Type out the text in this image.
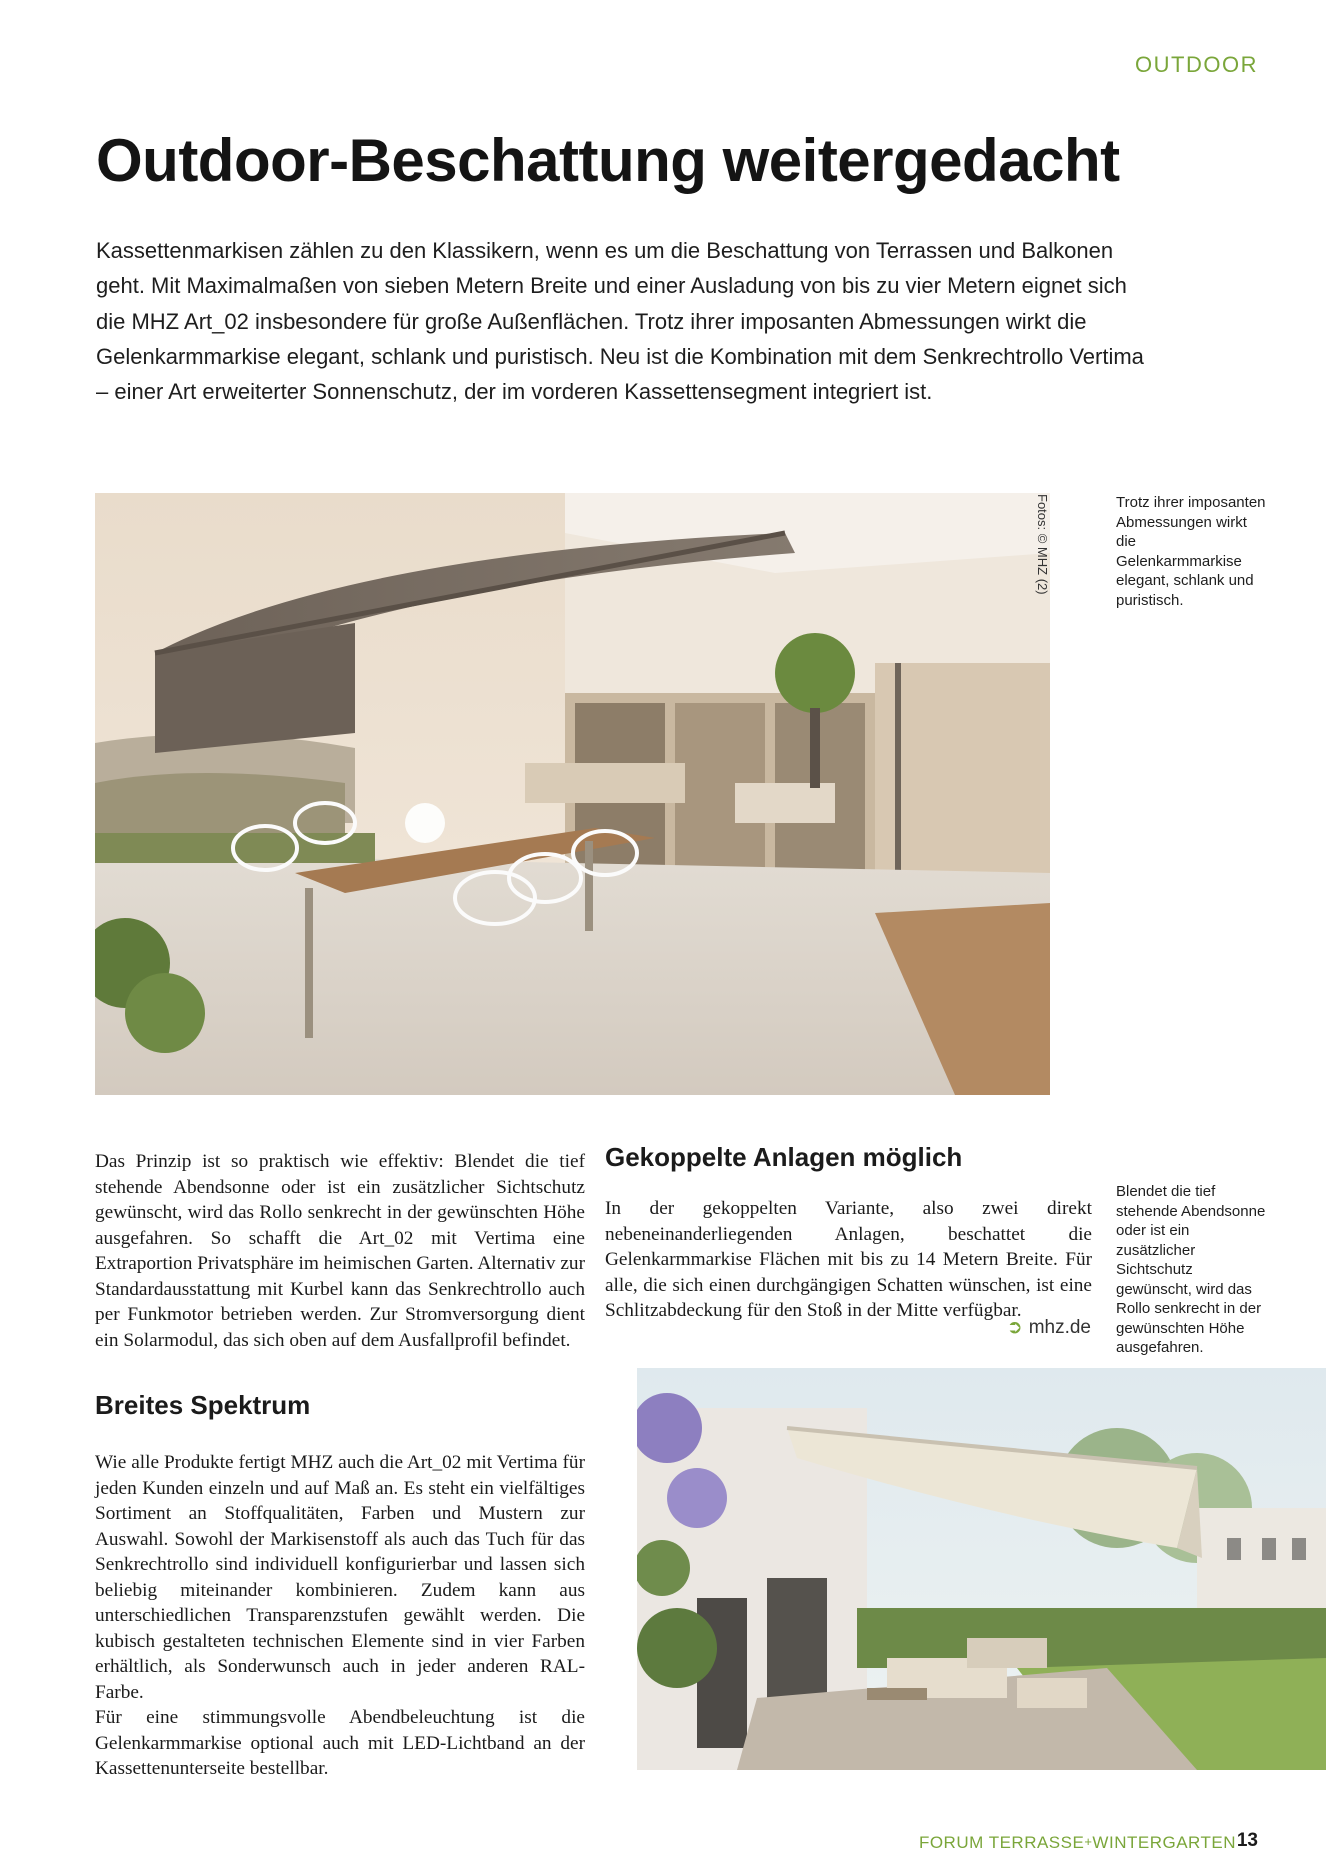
OUTDOOR
Outdoor-Beschattung weitergedacht

Kassettenmarkisen zählen zu den Klassikern, wenn es um die Beschattung von Terrassen und Balkonen geht. Mit Maximalmaßen von sieben Metern Breite und einer Ausladung von bis zu vier Metern eignet sich die MHZ Art_02 insbesondere für große Außenflächen. Trotz ihrer imposanten Abmessungen wirkt die Gelenkarmmarkise elegant, schlank und puristisch. Neu ist die Kombination mit dem Senkrechtrollo Vertima – einer Art erweiterter Sonnenschutz, der im vorderen Kassettensegment integriert ist.

Fotos: © MHZ (2)	Trotz ihrer imposanten Abmessungen wirkt die Gelenkarmmarkise elegant, schlank und puristisch.

Das Prinzip ist so praktisch wie effektiv: Blendet die tief stehende Abendsonne oder ist ein zusätzlicher Sichtschutz gewünscht, wird das Rollo senkrecht in der gewünschten Höhe ausgefahren. So schafft die Art_02 mit Vertima eine Extraportion Privatsphäre im heimischen Garten. Alternativ zur Standardausstattung mit Kurbel kann das Senkrechtrollo auch per Funkmotor betrieben werden. Zur Stromversorgung dient ein Solarmodul, das sich oben auf dem Ausfallprofil befindet.

Breites Spektrum

Wie alle Produkte fertigt MHZ auch die Art_02 mit Vertima für jeden Kunden einzeln und auf Maß an. Es steht ein vielfältiges Sortiment an Stoffqualitäten, Farben und Mustern zur Auswahl. Sowohl der Markisenstoff als auch das Tuch für das Senkrechtrollo sind individuell konfigurierbar und lassen sich beliebig miteinander kombinieren. Zudem kann aus unterschiedlichen Transparenzstufen gewählt werden. Die kubisch gestalteten technischen Elemente sind in vier Farben erhältlich, als Sonderwunsch auch in jeder anderen RAL-Farbe.

Für eine stimmungsvolle Abendbeleuchtung ist die Gelenkarmmarkise optional auch mit LED-Lichtband an der Kassettenunterseite bestellbar.

Gekoppelte Anlagen möglich

In der gekoppelten Variante, also zwei direkt nebeneinanderliegenden Anlagen, beschattet die Gelenkarmmarkise Flächen mit bis zu 14 Metern Breite. Für alle, die sich einen durchgängigen Schatten wünschen, ist eine Schlitzabdeckung für den Stoß in der Mitte verfügbar.

➲ mhz.de
Blendet die tief stehende Abendsonne oder ist ein zusätzlicher Sichtschutz gewünscht, wird das Rollo senkrecht in der gewünschten Höhe ausgefahren.
FORUM TERRASSE+WINTERGARTEN 13
